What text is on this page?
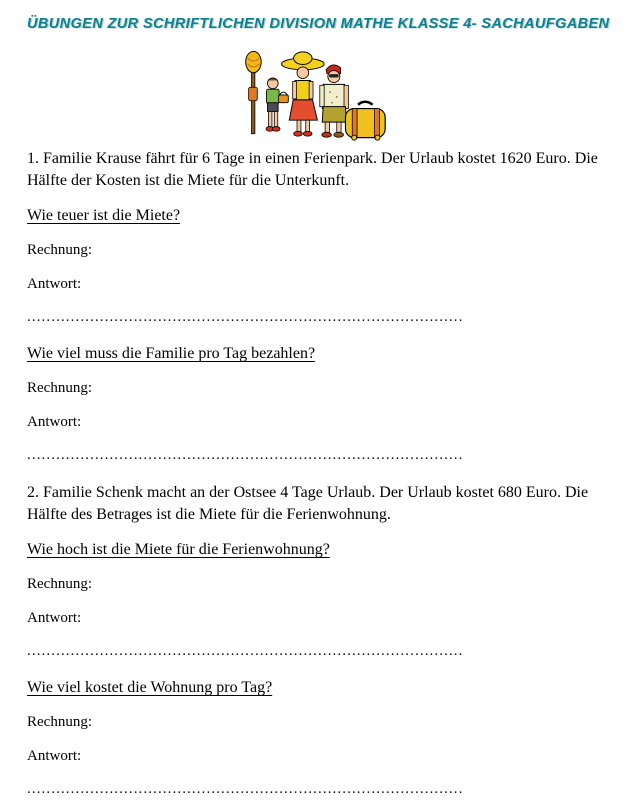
ÜBUNGEN ZUR SCHRIFTLICHEN DIVISION MATHE KLASSE 4- SACHAUFGABEN

1. Familie Krause fährt für 6 Tage in einen Ferienpark. Der Urlaub kostet 1620 Euro. Die Hälfte der Kosten ist die Miete für die Unterkunft.

Wie teuer ist die Miete?

Rechnung:

Antwort:

..........................................................................................

Wie viel muss die Familie pro Tag bezahlen?

Rechnung:

Antwort:

..........................................................................................

2. Familie Schenk macht an der Ostsee 4 Tage Urlaub. Der Urlaub kostet 680 Euro. Die Hälfte des Betrages ist die Miete für die Ferienwohnung.

Wie hoch ist die Miete für die Ferienwohnung?

Rechnung:

Antwort:

..........................................................................................

Wie viel kostet die Wohnung pro Tag?

Rechnung:

Antwort:

..........................................................................................
